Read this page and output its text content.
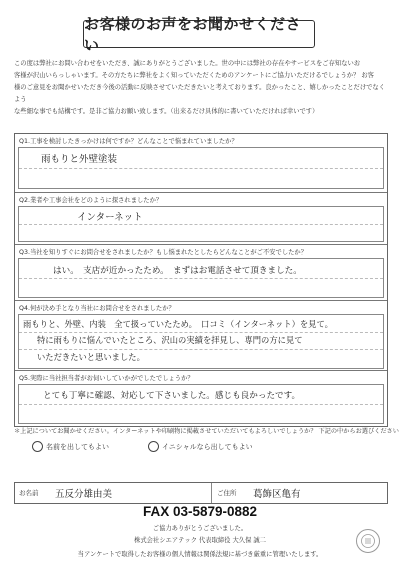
お客様のお声をお聞かせください
この度は弊社にお問い合わせをいただき、誠にありがとうございました。世の中には弊社の存在やサービスをご存知ないお
客様が沢山いらっしゃいます。その方たちに弊社をよく知っていただくためのアンケートにご協力いただけるでしょうか？ お客
様のご意見をお聞かせいただき今後の活動に反映させていただきたいと考えております。良かったこと、嬉しかったことだけでなくよう
な些細な事でも結構です。是非ご協力お願い致します。（出来るだけ具体的に書いていただければ幸いです）
Q1.工事を検討したきっかけは何ですか？どんなことで悩まれていましたか？
雨もりと外壁塗装
Q2.業者や工事会社をどのように探されましたか？
インターネット
Q3.当社を知りすぐにお問合せをされましたか？もし悩まれたとしたらどんなことがご不安でしたか？
はい。　支店が近かったため。　まずはお電話させて頂きました。
Q4.何が決め手となり当社にお問合せをされましたか？
雨もりと、外壁、内装　全て扱っていたため。　口コミ（インターネット）を見て。
特に雨もりに悩んでいたところ、沢山の実績を拝見し、専門の方に見て
いただきたいと思いました。
Q5.実際に当社担当者がお伺いしていかがでしたでしょうか？
とても丁寧に確認、対応して下さいました。感じも良かったです。
＊上記についてお聞かせください。インターネットや印刷物に掲載させていただいてもよろしいでしょうか？ 下記の中からお選びください
名前を出してもよい	イニシャルなら出してもよい
お名前 五反分雄由美	ご住所 葛飾区亀有
FAX 03-5879-0882
ご協力ありがとうございました。
株式会社シエアテック 代表取締役 大久保 誠二
当アンケートで取得したお客様の個人情報は関係法規に基づき厳重に管理いたします。
